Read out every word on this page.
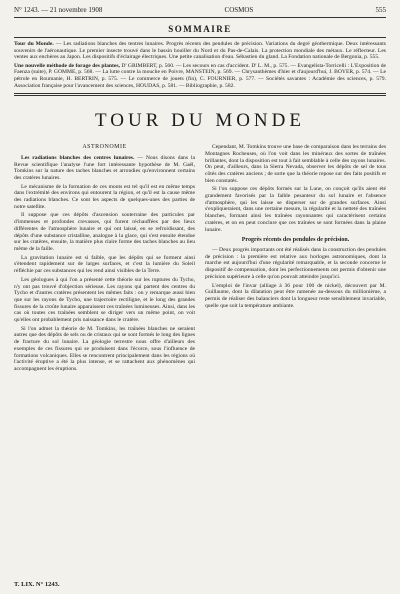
N° 1243. — 21 novembre 1908	COSMOS	555
SOMMAIRE
Tour du Monde. — Les radiations blanches des tentres lunaires. Progrès récents des pendules de précision. Variations du degré géothermique. Deux intéressants souvenirs de l'aéronautique. Le premier insecte trouvé dans le bassin houiller du Nord et du Pas-de-Calais. La protection mondiale des métaux. Le réflecteur. Les ventes aux enchères au Japon. Les dispositifs d'éclairage électriques. Une petite canalisation d'eau. Sébastien du gland. La Fondation nationale de Bergonia, p. 555.
Une nouvelle méthode de forage des plantes, D' GRIMBERT, p. 560. — Les secours en cas d'accident. D' L. M., p. 575. — Evangelista-Torricelli : L'Exposition de Faenza (suite), P. GOMME, p. 568. — La lutte contre la mouche en Poivre, MANSTEIN, p. 569. — Chrysanthèmes d'hier et d'aujourd'hui, J. BOYER, p. 574. — Le pétrole en Roumanie, H. BERTRIN, p. 575. — Le commerce de jouets (fin), C. FOURNIER, p. 577. — Sociétés savantes : Académie des sciences, p. 579. Association française pour l'avancement des sciences, HOUDAS, p. 581. — Bibliographie, p. 582.
TOUR DU MONDE
ASTRONOMIE
Les radiations blanches des centres lunaires. — Nous disons dans la Revue scientifique l'analyse l'une fort intéressante hypothèse de M. Gaël, Tomkins sur la nature des taches blanches et arrondies qu'environnent certains des cratères lunaires.
Le mécanisme de la formation de ces monts est tel qu'il est en même temps dans l'extrémité des environs qui entourent la région, et qu'il est la cause même des radiations blanches. Ce sont les aspects de quelques-unes des parties de notre satellite.
Il suppose que ces dépôts d'ascension souterraine des particules par d'immenses et profondes crevasses, qui furent réchauffées par des lieux différentes de l'atmosphère lunaire et qui ont laissé, en se refroidissant, des dépôts d'une substance cristalline, analogue à la glace, qui s'est ensuite étendue sur les cratères, ensuite, la matière plus claire forme des taches blanches au lieu même de la faille.
La gravitation lunaire est si faible, que les dépôts qui se forment ainsi s'étendent rapidement sur de larges surfaces, et c'est la lumière du Soleil réfléchie par ces substances qui les rend ainsi visibles de la Terre.
Les géologues à qui l'on a présenté cette théorie sur les ruptures du Tycho, n'y ont pas trouvé d'objection sérieuse. Les rayons qui partent des centres du Tycho et d'autres cratères présentent les mêmes faits : on y remarque aussi bien que sur les rayons de Tycho, une trajectoire rectiligne, et le long des grandes fissures de la croûte lunaire apparaissent ces traînées lumineuses. Ainsi, dans les cas où toutes ces traînées semblent se diriger vers un même point, on voit qu'elles ont probablement pris naissance dans le cratère.
Si l'on admet la théorie de M. Tomkins, les traînées blanches ne seraient autres que des dépôts de sels ou de cristaux qui se sont formés le long des lignes de fracture du sol lunaire. La géologie terrestre nous offre d'ailleurs des exemples de ces fissures qui se produisent dans l'écorce, sous l'influence de formations volcaniques. Elles se rencontrent principalement dans les régions où l'activité éruptive a été la plus intense, et se rattachent aux phénomènes qui accompagnent les éruptions.
Cependant, M. Tomkins trouve une base de comparaison dans les terrains des Montagnes Rocheuses, où l'on voit dans les minéraux des sortes de traînées brillantes, dont la disposition est tout à fait semblable à celle des rayons lunaires. On peut, d'ailleurs, dans la Sierra Nevada, observer les dépôts de sel de tous côtés des cratères anciens ; de sorte que la théorie repose sur des faits positifs et bien constatés.
Si l'on suppose ces dépôts formés sur la Lune, on conçoit qu'ils aient été grandement favorisés par la faible pesanteur du sol lunaire et l'absence d'atmosphère, qui les laisse se disperser sur de grandes surfaces. Ainsi s'expliqueraient, dans une certaine mesure, la régularité et la netteté des traînées blanches, formant ainsi les traînées rayonnantes qui caractérisent certains cratères, et on en peut conclure que ces traînées se sont formées dans la plaine lunaire.
Progrès récents des pendules de précision.
— Deux progrès importants ont été réalisés dans la construction des pendules de précision : la première est relative aux horloges astronomiques, dont la marche est aujourd'hui d'une régularité remarquable, et la seconde concerne le dispositif de compensation, dont les perfectionnements ont permis d'obtenir une précision supérieure à celle qu'on pouvait atteindre jusqu'ici.
L'emploi de l'invar (alliage à 36 pour 100 de nickel), découvert par M. Guillaume, dont la dilatation peut être ramenée au-dessous du millionième, a permis de réaliser des balanciers dont la longueur reste sensiblement invariable, quelle que soit la température ambiante.
T. LIX. N° 1243.
